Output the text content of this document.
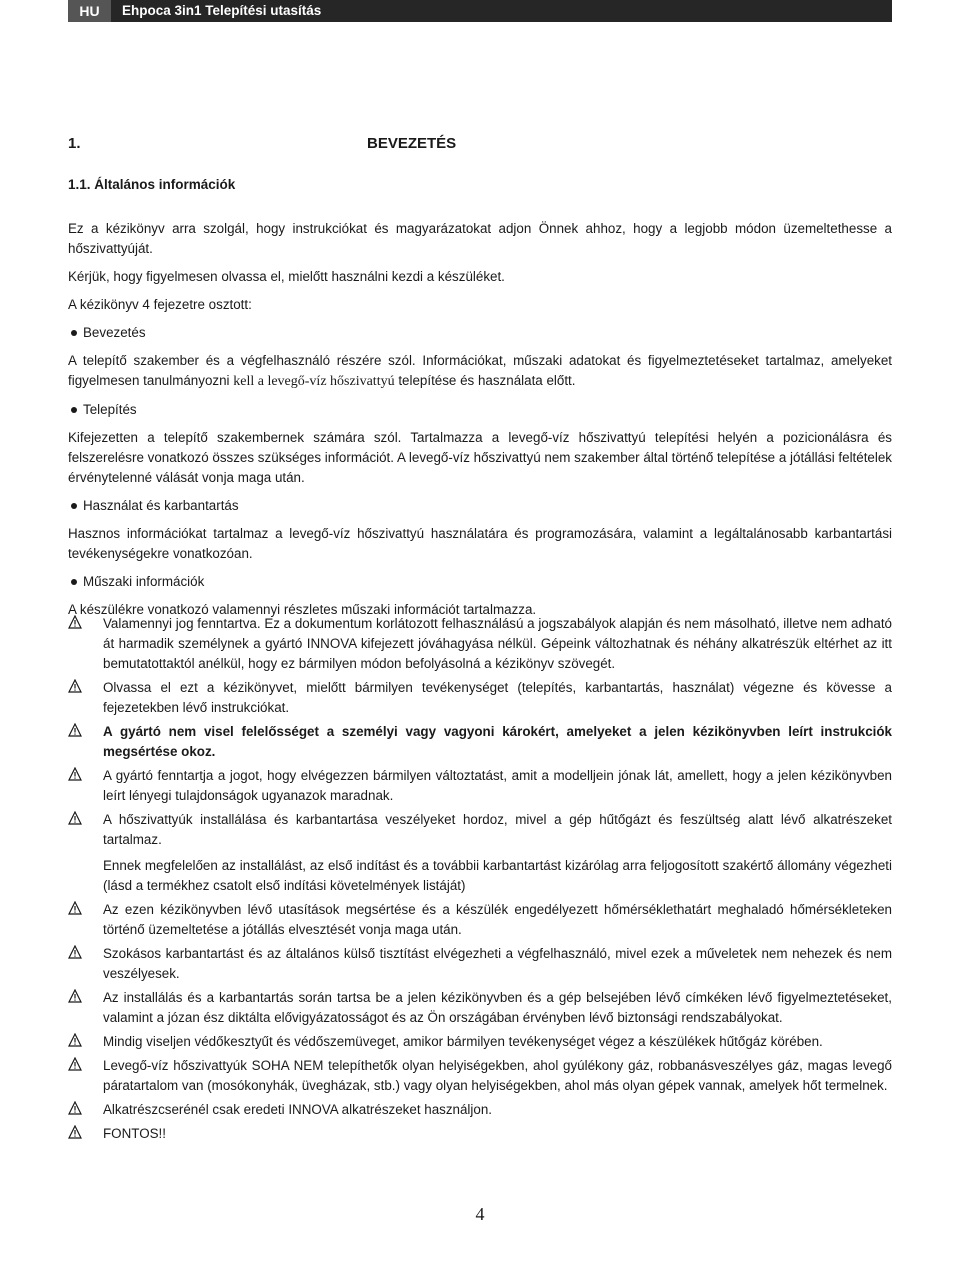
HU	Ehpoca 3in1 Telepítési utasítás
1.	BEVEZETÉS
1.1. Általános információk

Ez a kézikönyv arra szolgál, hogy instrukciókat és magyarázatokat adjon Önnek ahhoz, hogy a legjobb módon üzemeltethesse a hőszivattyúját.

Kérjük, hogy figyelmesen olvassa el, mielőtt használni kezdi a készüléket.

A kézikönyv 4 fejezetre osztott:

Bevezetés

A telepítő szakember és a végfelhasználó részére szól. Információkat, műszaki adatokat és figyelmeztetéseket tartalmaz, amelyeket figyelmesen tanulmányozni kell a levegő-víz hőszivattyú telepítése és használata előtt.

Telepítés

Kifejezetten a telepítő szakembernek számára szól. Tartalmazza a levegő-víz hőszivattyú telepítési helyén a pozicionálásra és felszerelésre vonatkozó összes szükséges információt. A levegő-víz hőszivattyú nem szakember által történő telepítése a jótállási feltételek érvénytelenné válását vonja maga után.

Használat és karbantartás

Hasznos információkat tartalmaz a levegő-víz hőszivattyú használatára és programozására, valamint a legáltalánosabb karbantartási tevékenységekre vonatkozóan.

Műszaki információk

A készülékre vonatkozó valamennyi részletes műszaki információt tartalmazza.

Valamennyi jog fenntartva. Ez a dokumentum korlátozott felhasználású a jogszabályok alapján és nem másolható, illetve nem adható át harmadik személynek a gyártó INNOVA kifejezett jóváhagyása nélkül. Gépeink változhatnak és néhány alkatrészük eltérhet az itt bemutatottaktól anélkül, hogy ez bármilyen módon befolyásolná a kézikönyv szövegét.

Olvassa el ezt a kézikönyvet, mielőtt bármilyen tevékenységet (telepítés, karbantartás, használat) végezne és kövesse a fejezetekben lévő instrukciókat.

A gyártó nem visel felelősséget a személyi vagy vagyoni károkért, amelyeket a jelen kézikönyvben leírt instrukciók megsértése okoz.

A gyártó fenntartja a jogot, hogy elvégezzen bármilyen változtatást, amit a modelljein jónak lát, amellett, hogy a jelen kézikönyvben leírt lényegi tulajdonságok ugyanazok maradnak.

A hőszivattyúk installálása és karbantartása veszélyeket hordoz, mivel a gép hűtőgázt és feszültség alatt lévő alkatrészeket tartalmaz.

Ennek megfelelően az installálást, az első indítást és a továbbii karbantartást kizárólag arra feljogosított szakértő állomány végezheti (lásd a termékhez csatolt első indítási követelmények listáját)

Az ezen kézikönyvben lévő utasítások megsértése és a készülék engedélyezett hőmérséklethatárt meghaladó hőmérsékleteken történő üzemeltetése a jótállás elvesztését vonja maga után.

Szokásos karbantartást és az általános külső tisztítást elvégezheti a végfelhasználó, mivel ezek a műveletek nem nehezek és nem veszélyesek.

Az installálás és a karbantartás során tartsa be a jelen kézikönyvben és a gép belsejében lévő címkéken lévő figyelmeztetéseket, valamint a józan ész diktálta elővigyázatosságot és az Ön országában érvényben lévő biztonsági rendszabályokat.

Mindig viseljen védőkesztyűt és védőszemüveget, amikor bármilyen tevékenységet végez a készülékek hűtőgáz körében.

Levegő-víz hőszivattyúk SOHA NEM telepíthetők olyan helyiségekben, ahol gyúlékony gáz, robbanásveszélyes gáz, magas levegő páratartalom van (mosókonyhák, üvegházak, stb.) vagy olyan helyiségekben, ahol más olyan gépek vannak, amelyek hőt termelnek.

Alkatrészcserénél csak eredeti INNOVA alkatrészeket használjon.

FONTOS!!

4
